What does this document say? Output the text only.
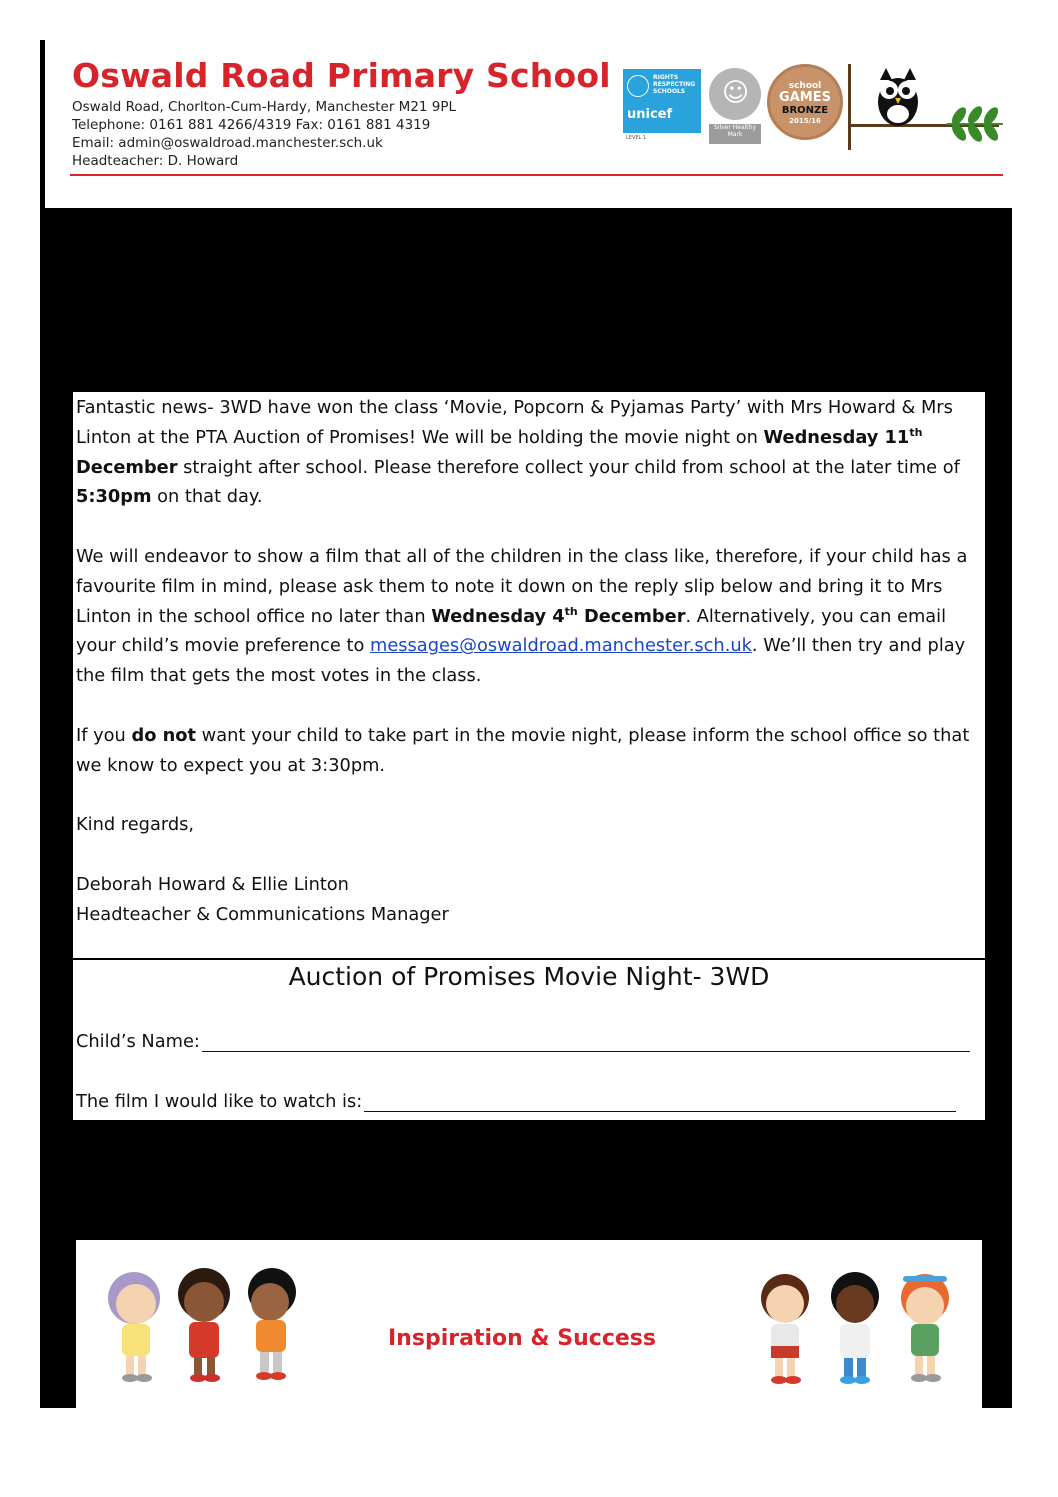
Oswald Road Primary School
Oswald Road, Chorlton-Cum-Hardy, Manchester M21 9PL
Telephone: 0161 881 4266/4319 Fax: 0161 881 4319
Email: admin@oswaldroad.manchester.sch.uk
Headteacher: D. Howard
RIGHTS RESPECTING SCHOOLS
unicef
LEVEL 1
☺
Silver Healthy Mark
school
GAMES
BRONZE
2015/16

Fantastic news- 3WD have won the class ‘Movie, Popcorn & Pyjamas Party’ with Mrs Howard & Mrs Linton at the PTA Auction of Promises! We will be holding the movie night on Wednesday 11th December straight after school. Please therefore collect your child from school at the later time of 5:30pm on that day.

We will endeavor to show a film that all of the children in the class like, therefore, if your child has a favourite film in mind, please ask them to note it down on the reply slip below and bring it to Mrs Linton in the school office no later than Wednesday 4th December. Alternatively, you can email your child’s movie preference to messages@oswaldroad.manchester.sch.uk. We’ll then try and play the film that gets the most votes in the class.

If you do not want your child to take part in the movie night, please inform the school office so that we know to expect you at 3:30pm.

Kind regards,

Deborah Howard & Ellie Linton
Headteacher & Communications Manager
Auction of Promises Movie Night- 3WD
Child’s Name:
The film I would like to watch is:
Inspiration & Success
